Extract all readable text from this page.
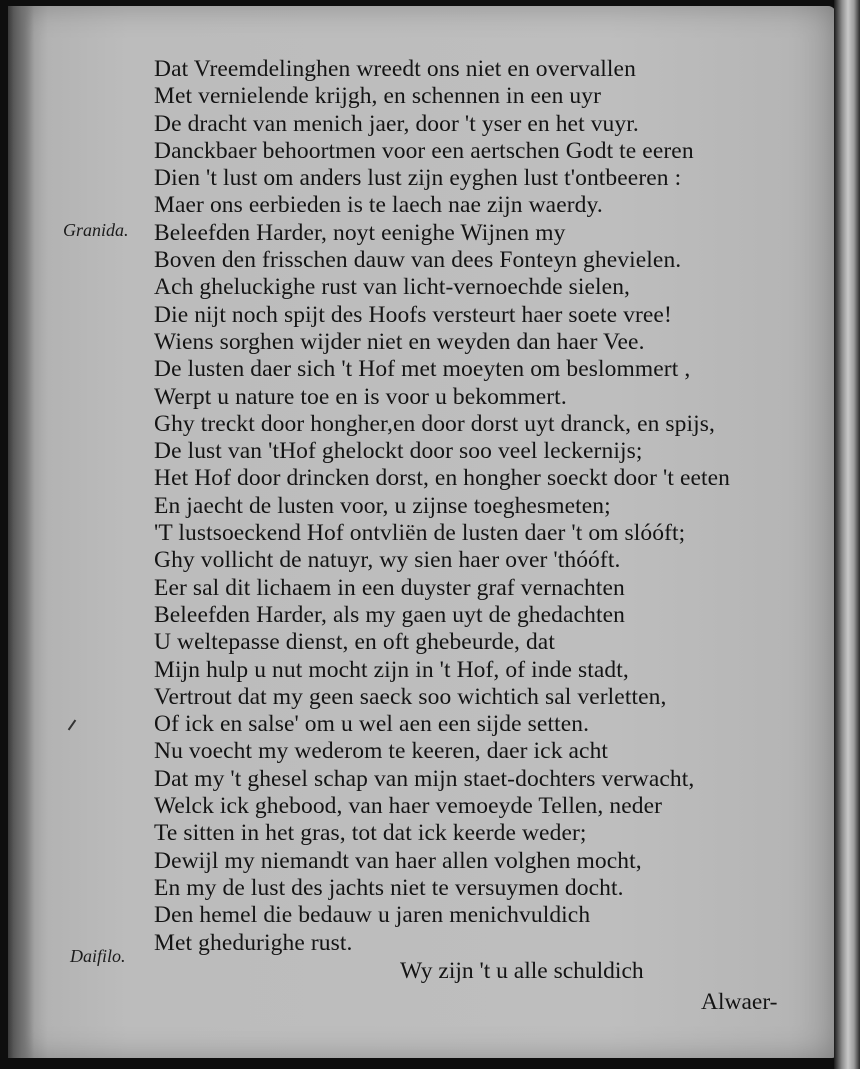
Granida.
Daifilo.
Dat Vreemdelinghen wreedt ons niet en overvallen
Met vernielende krijgh, en schennen in een uyr
De dracht van menich jaer, door 't yser en het vuyr.
Danckbaer behoortmen voor een aertschen Godt te eeren
Dien 't lust om anders lust zijn eyghen lust t'ontbeeren :
Maer ons eerbieden is te laech nae zijn waerdy.
Beleefden Harder, noyt eenighe Wijnen my
Boven den frisschen dauw van dees Fonteyn ghevielen.
Ach gheluckighe rust van licht-vernoechde sielen,
Die nijt noch spijt des Hoofs versteurt haer soete vree!
Wiens sorghen wijder niet en weyden dan haer Vee.
De lusten daer sich 't Hof met moeyten om beslommert ,
Werpt u nature toe en is voor u bekommert.
Ghy treckt door hongher,en door dorst uyt dranck, en spijs,
De lust van 'tHof ghelockt door soo veel leckernijs;
Het Hof door drincken dorst, en hongher soeckt door 't eeten
En jaecht de lusten voor, u zijnse toeghesmeten;
'T lustsoeckend Hof ontvliën de lusten daer 't om slóóft;
Ghy vollicht de natuyr, wy sien haer over 'thóóft.
Eer sal dit lichaem in een duyster graf vernachten
Beleefden Harder, als my gaen uyt de ghedachten
U weltepasse dienst, en oft ghebeurde, dat
Mijn hulp u nut mocht zijn in 't Hof, of inde stadt,
Vertrout dat my geen saeck soo wichtich sal verletten,
Of ick en salse' om u wel aen een sijde setten.
Nu voecht my wederom te keeren, daer ick acht
Dat my 't ghesel schap van mijn staet-dochters verwacht,
Welck ick ghebood, van haer vemoeyde Tellen, neder
Te sitten in het gras, tot dat ick keerde weder;
Dewijl my niemandt van haer allen volghen mocht,
En my de lust des jachts niet te versuymen docht.
Den hemel die bedauw u jaren menichvuldich
Met ghedurighe rust.
Wy zijn 't u alle schuldich
Alwaer-
